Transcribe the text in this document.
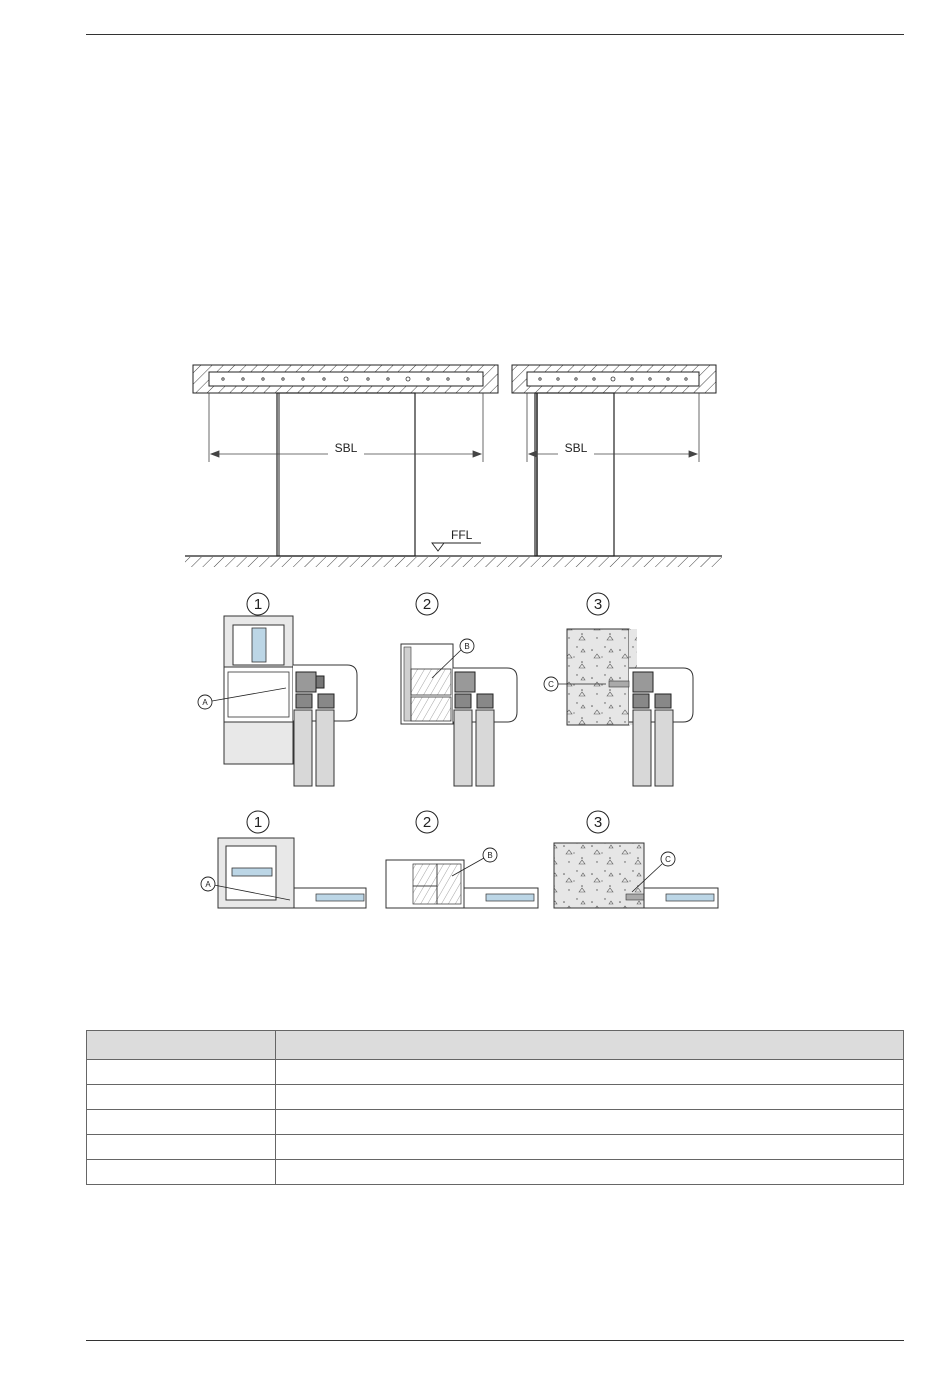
SBL	SBL
FFL
1	2	3
A
B
C
1	2	3
A
B	C
